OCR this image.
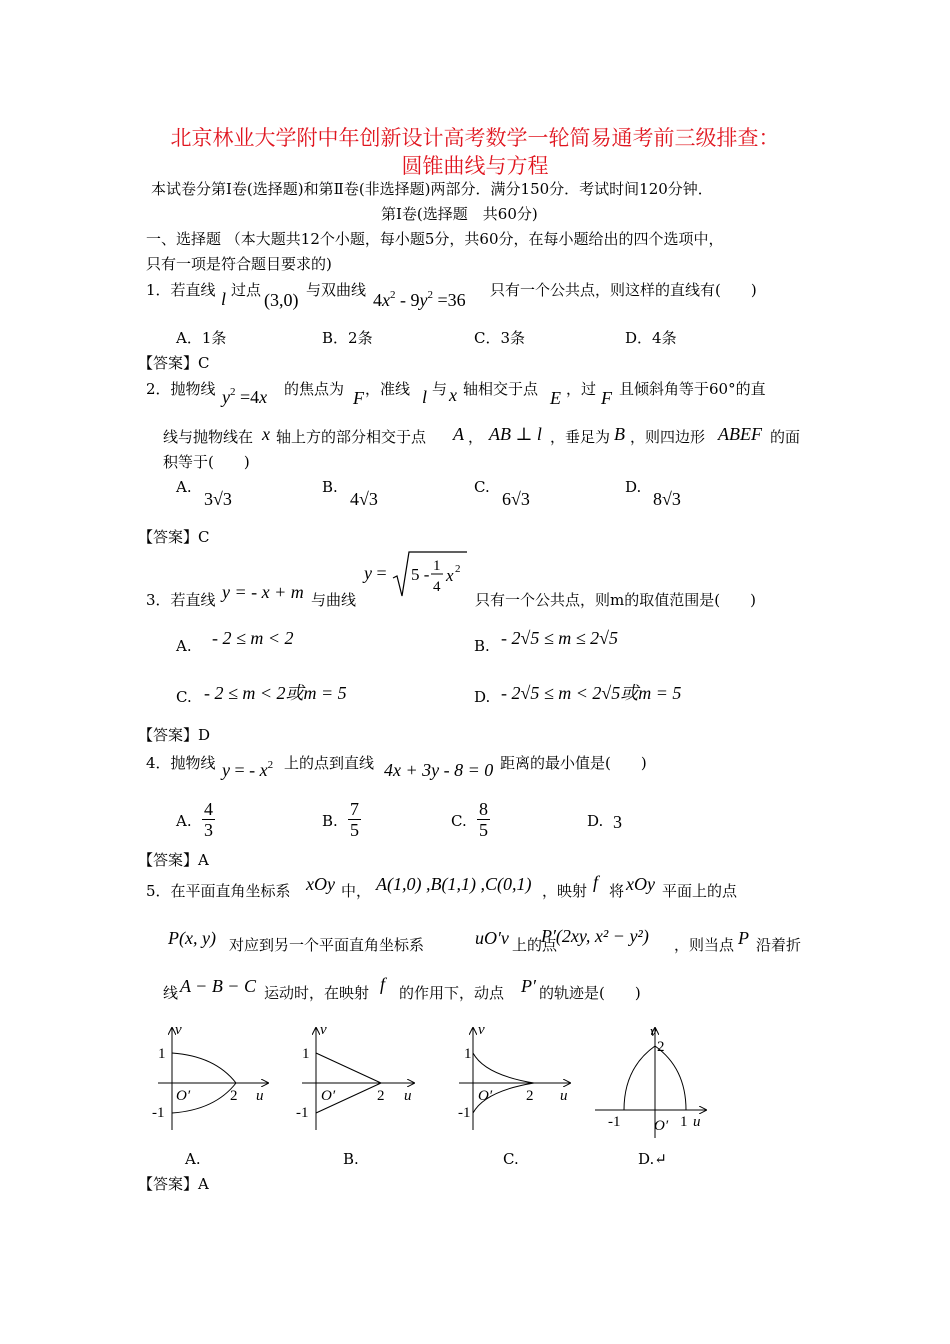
北京林业大学附中年创新设计高考数学一轮简易通考前三级排查：
圆锥曲线与方程
本试卷分第Ⅰ卷(选择题)和第Ⅱ卷(非选择题)两部分．满分150分．考试时间120分钟．
第Ⅰ卷(选择题　共60分)
一、选择题 （本大题共12个小题，每小题5分，共60分，在每小题给出的四个选项中，
只有一项是符合题目要求的)
1．若直线 l 过点 (3,0) 与双曲线 $4x^2 - 9y^2 =36$ 只有一个公共点，则这样的直线有(　　)
A．1条	B．2条	C．3条	D．4条
【答案】C
2．抛物线 $y^2 =4x$ 的焦点为 F ，准线 l 与 x 轴相交于点 E ，过 F 且倾斜角等于60°的直
线与抛物线在 x 轴上方的部分相交于点 A ， AB ⊥ l ，垂足为 B ，则四边形 ABEF 的面
积等于(　　)
A.
3√3
B.
4√3
C.
6√3
D.
8√3
【答案】C
3．若直线 y = - x + m 与曲线
y = 5 - 1
4
x 2
只有一个公共点，则m的取值范围是(　　)
A. - 2 ≤ m < 2	B. - 2√5 ≤ m ≤ 2√5
C. - 2 ≤ m < 2或m = 5	D. - 2√5 ≤ m < 2√5或m = 5
【答案】D
4．抛物线 y = - $x^2$ 上的点到直线 4x + 3y - 8 = 0 距离的最小值是(　　)
A. $\frac{4}{3}$	B. $\frac{7}{5}$	C. $\frac{8}{5}$	D. 3
【答案】A
5．在平面直角坐标系 xOy 中， A(1,0) ,B(1,1) ,C(0,1) ，映射 f 将 xOy 平面上的点
P(x, y) 对应到另一个平面直角坐标系	uO′v 上的点
P′(2xy, x² − y²) ，则当点 P 沿着折
线 A − B − C 运动时，在映射 f 的作用下，动点 P′ 的轨迹是(　　)
v
u
O′
1
-1
2
v
u
O′
1
-1
2
v
u
O′
1
-1
2
v
u
O′
2
-1	1
A.	B.	C.	D.↵
【答案】A
